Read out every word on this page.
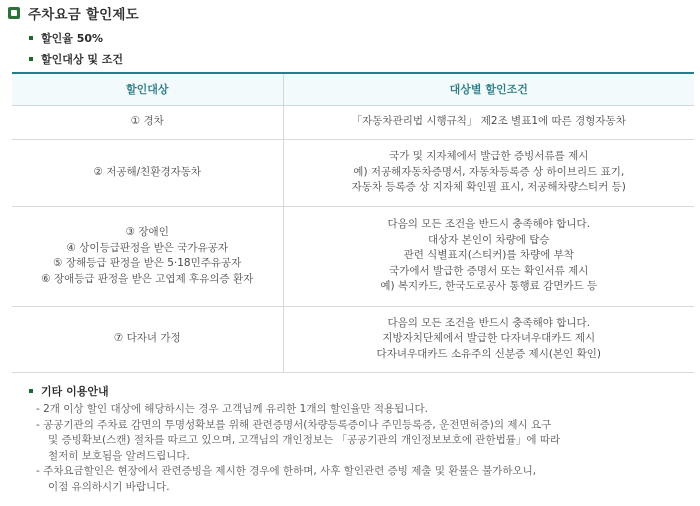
주차요금 할인제도
할인율 50%
할인대상 및 조건
할인대상	대상별 할인조건

① 경차	「자동차관리법 시행규칙」 제2조 별표1에 따른 경형자동차

② 저공해/친환경자동차	국가 및 지자체에서 발급한 증빙서류를 제시
예) 저공해자동차증명서, 자동차등록증 상 하이브리드 표기,
자동차 등록증 상 지자체 확인필 표시, 저공해차량스티커 등)

③ 장애인
④ 상이등급판정을 받은 국가유공자
⑤ 장해등급 판정을 받은 5·18민주유공자
⑥ 장애등급 판정을 받은 고엽제 후유의증 환자	다음의 모든 조건을 반드시 충족해야 합니다.
대상자 본인이 차량에 탑승
관련 식별표지(스티커)를 차량에 부착
국가에서 발급한 증명서 또는 확인서류 제시
예) 복지카드, 한국도로공사 통행료 감면카드 등

⑦ 다자녀 가정	다음의 모든 조건을 반드시 충족해야 합니다.
지방자치단체에서 발급한 다자녀우대카드 제시
다자녀우대카드 소유주의 신분증 제시(본인 확인)
기타 이용안내
- 2개 이상 할인 대상에 해당하시는 경우 고객님께 유리한 1개의 할인율만 적용됩니다.
- 공공기관의 주차료 감면의 투명성확보를 위해 관련증명서(차량등록증이나 주민등록증, 운전면허증)의 제시 요구
및 증빙확보(스캔) 절차를 따르고 있으며, 고객님의 개인정보는 「공공기관의 개인정보보호에 관한법률」에 따라
철저히 보호됨을 알려드립니다.
- 주차요금할인은 현장에서 관련증빙을 제시한 경우에 한하며, 사후 할인관련 증빙 제출 및 환불은 불가하오니,
이점 유의하시기 바랍니다.
